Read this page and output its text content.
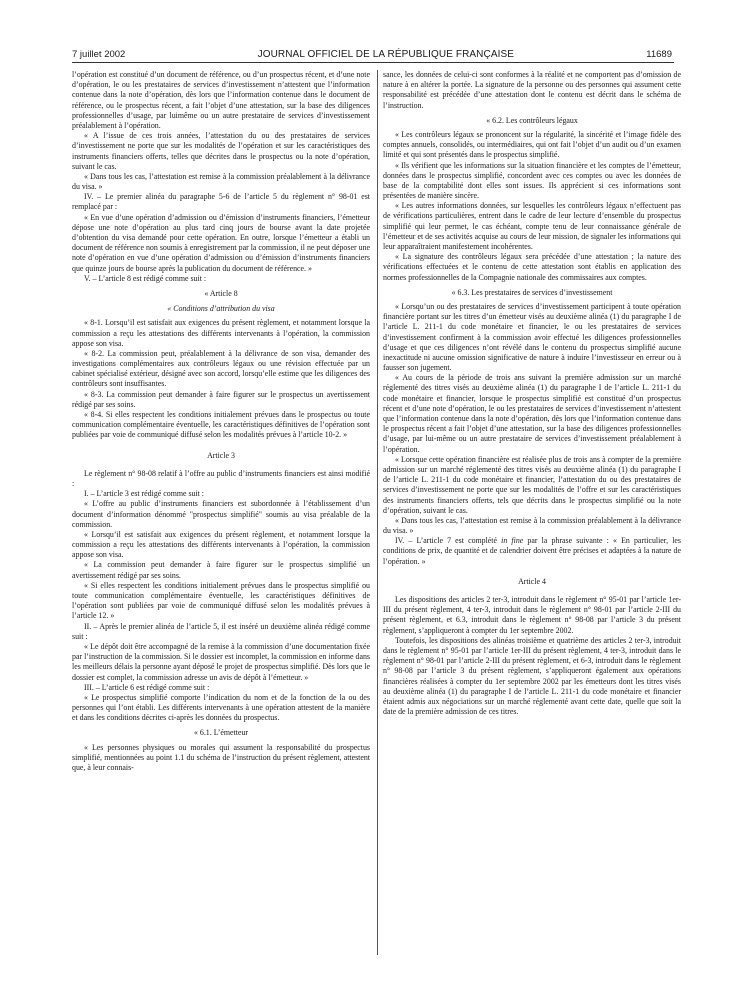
7 juillet 2002	JOURNAL OFFICIEL DE LA RÉPUBLIQUE FRANÇAISE	11689

l’opération est constitué d’un document de référence, ou d’un prospectus récent, et d’une note d’opération, le ou les prestataires de services d’investissement n’attestent que l’information contenue dans la note d’opération, dès lors que l’information contenue dans le document de référence, ou le prospectus récent, a fait l’objet d’une attestation, sur la base des diligences professionnelles d’usage, par luimême ou un autre prestataire de services d’investissement préalablement à l’opération.

« A l’issue de ces trois années, l’attestation du ou des prestataires de services d’investissement ne porte que sur les modalités de l’opération et sur les caractéristiques des instruments financiers offerts, telles que décrites dans le prospectus ou la note d’opération, suivant le cas.

« Dans tous les cas, l’attestation est remise à la commission préalablement à la délivrance du visa. »

IV. – Le premier alinéa du paragraphe 5-6 de l’article 5 du règlement n° 98-01 est remplacé par :

« En vue d’une opération d’admission ou d’émission d’instruments financiers, l’émetteur dépose une note d’opération au plus tard cinq jours de bourse avant la date projetée d’obtention du visa demandé pour cette opération. En outre, lorsque l’émetteur a établi un document de référence non soumis à enregistrement par la commission, il ne peut déposer une note d’opération en vue d’une opération d’admission ou d’émission d’instruments financiers que quinze jours de bourse après la publication du document de référence. »

V. – L’article 8 est rédigé comme suit :

« Article 8
« Conditions d’attribution du visa

« 8-1. Lorsqu’il est satisfait aux exigences du présent règlement, et notamment lorsque la commission a reçu les attestations des différents intervenants à l’opération, la commission appose son visa.

« 8-2. La commission peut, préalablement à la délivrance de son visa, demander des investigations complémentaires aux contrôleurs légaux ou une révision effectuée par un cabinet spécialisé extérieur, désigné avec son accord, lorsqu’elle estime que les diligences des contrôleurs sont insuffisantes.

« 8-3. La commission peut demander à faire figurer sur le prospectus un avertissement rédigé par ses soins.

« 8-4. Si elles respectent les conditions initialement prévues dans le prospectus ou toute communication complémentaire éventuelle, les caractéristiques définitives de l’opération sont publiées par voie de communiqué diffusé selon les modalités prévues à l’article 10-2. »

Article 3

Le règlement n° 98-08 relatif à l’offre au public d’instruments financiers est ainsi modifié :

I. – L’article 3 est rédigé comme suit :

« L’offre au public d’instruments financiers est subordonnée à l’établissement d’un document d’information dénommé "prospectus simplifié" soumis au visa préalable de la commission.

« Lorsqu’il est satisfait aux exigences du présent règlement, et notamment lorsque la commission a reçu les attestations des différents intervenants à l’opération, la commission appose son visa.

« La commission peut demander à faire figurer sur le prospectus simplifié un avertissement rédigé par ses soins.

« Si elles respectent les conditions initialement prévues dans le prospectus simplifié ou toute communication complémentaire éventuelle, les caractéristiques définitives de l’opération sont publiées par voie de communiqué diffusé selon les modalités prévues à l’article 12. »

II. – Après le premier alinéa de l’article 5, il est inséré un deuxième alinéa rédigé comme suit :

« Le dépôt doit être accompagné de la remise à la commission d’une documentation fixée par l’instruction de la commission. Si le dossier est incomplet, la commission en informe dans les meilleurs délais la personne ayant déposé le projet de prospectus simplifié. Dès lors que le dossier est complet, la commission adresse un avis de dépôt à l’émetteur. »

III. – L’article 6 est rédigé comme suit :

« Le prospectus simplifié comporte l’indication du nom et de la fonction de la ou des personnes qui l’ont établi. Les différents intervenants à une opération attestent de la manière et dans les conditions décrites ci-après les données du prospectus.

« 6.1. L’émetteur

« Les personnes physiques ou morales qui assument la responsabilité du prospectus simplifié, mentionnées au point 1.1 du schéma de l’instruction du présent règlement, attestent que, à leur connais-

sance, les données de celui-ci sont conformes à la réalité et ne comportent pas d’omission de nature à en altérer la portée. La signature de la personne ou des personnes qui assument cette responsabilité est précédée d’une attestation dont le contenu est décrit dans le schéma de l’instruction.

« 6.2. Les contrôleurs légaux

« Les contrôleurs légaux se prononcent sur la régularité, la sincérité et l’image fidèle des comptes annuels, consolidés, ou intermédiaires, qui ont fait l’objet d’un audit ou d’un examen limité et qui sont présentés dans le prospectus simplifié.

« Ils vérifient que les informations sur la situation financière et les comptes de l’émetteur, données dans le prospectus simplifié, concordent avec ces comptes ou avec les données de base de la comptabilité dont elles sont issues. Ils apprécient si ces informations sont présentées de manière sincère.

« Les autres informations données, sur lesquelles les contrôleurs légaux n’effectuent pas de vérifications particulières, entrent dans le cadre de leur lecture d’ensemble du prospectus simplifié qui leur permet, le cas échéant, compte tenu de leur connaissance générale de l’émetteur et de ses activités acquise au cours de leur mission, de signaler les informations qui leur apparaîtraient manifestement incohérentes.

« La signature des contrôleurs légaux sera précédée d’une attestation ; la nature des vérifications effectuées et le contenu de cette attestation sont établis en application des normes professionnelles de la Compagnie nationale des commissaires aux comptes.

« 6.3. Les prestataires de services d’investissement

« Lorsqu’un ou des prestataires de services d’investissement participent à toute opération financière portant sur les titres d’un émetteur visés au deuxième alinéa (1) du paragraphe I de l’article L. 211-1 du code monétaire et financier, le ou les prestataires de services d’investissement confirment à la commission avoir effectué les diligences professionnelles d’usage et que ces diligences n’ont révélé dans le contenu du prospectus simplifié aucune inexactitude ni aucune omission significative de nature à induire l’investisseur en erreur ou à fausser son jugement.

« Au cours de la période de trois ans suivant la première admission sur un marché réglementé des titres visés au deuxième alinéa (1) du paragraphe I de l’article L. 211-1 du code monétaire et financier, lorsque le prospectus simplifié est constitué d’un prospectus récent et d’une note d’opération, le ou les prestataires de services d’investissement n’attestent que l’information contenue dans la note d’opération, dès lors que l’information contenue dans le prospectus récent a fait l’objet d’une attestation, sur la base des diligences professionnelles d’usage, par lui-même ou un autre prestataire de services d’investissement préalablement à l’opération.

« Lorsque cette opération financière est réalisée plus de trois ans à compter de la première admission sur un marché réglementé des titres visés au deuxième alinéa (1) du paragraphe I de l’article L. 211-1 du code monétaire et financier, l’attestation du ou des prestataires de services d’investissement ne porte que sur les modalités de l’offre et sur les caractéristiques des instruments financiers offerts, tels que décrits dans le prospectus simplifié ou la note d’opération, suivant le cas.

« Dans tous les cas, l’attestation est remise à la commission préalablement à la délivrance du visa. »

IV. – L’article 7 est complété in fine par la phrase suivante : « En particulier, les conditions de prix, de quantité et de calendrier doivent être précises et adaptées à la nature de l’opération. »

Article 4

Les dispositions des articles 2 ter-3, introduit dans le règlement n° 95-01 par l’article 1er-III du présent règlement, 4 ter-3, introduit dans le règlement n° 98-01 par l’article 2-III du présent règlement, et 6.3, introduit dans le règlement n° 98-08 par l’article 3 du présent règlement, s’appliqueront à compter du 1er septembre 2002.

Toutefois, les dispositions des alinéas troisième et quatrième des articles 2 ter-3, introduit dans le règlement n° 95-01 par l’article 1er-III du présent règlement, 4 ter-3, introduit dans le règlement n° 98-01 par l’article 2-III du présent règlement, et 6-3, introduit dans le règlement n° 98-08 par l’article 3 du présent règlement, s’appliqueront également aux opérations financières réalisées à compter du 1er septembre 2002 par les émetteurs dont les titres visés au deuxième alinéa (1) du paragraphe I de l’article L. 211-1 du code monétaire et financier étaient admis aux négociations sur un marché réglementé avant cette date, quelle que soit la date de la première admission de ces titres.
